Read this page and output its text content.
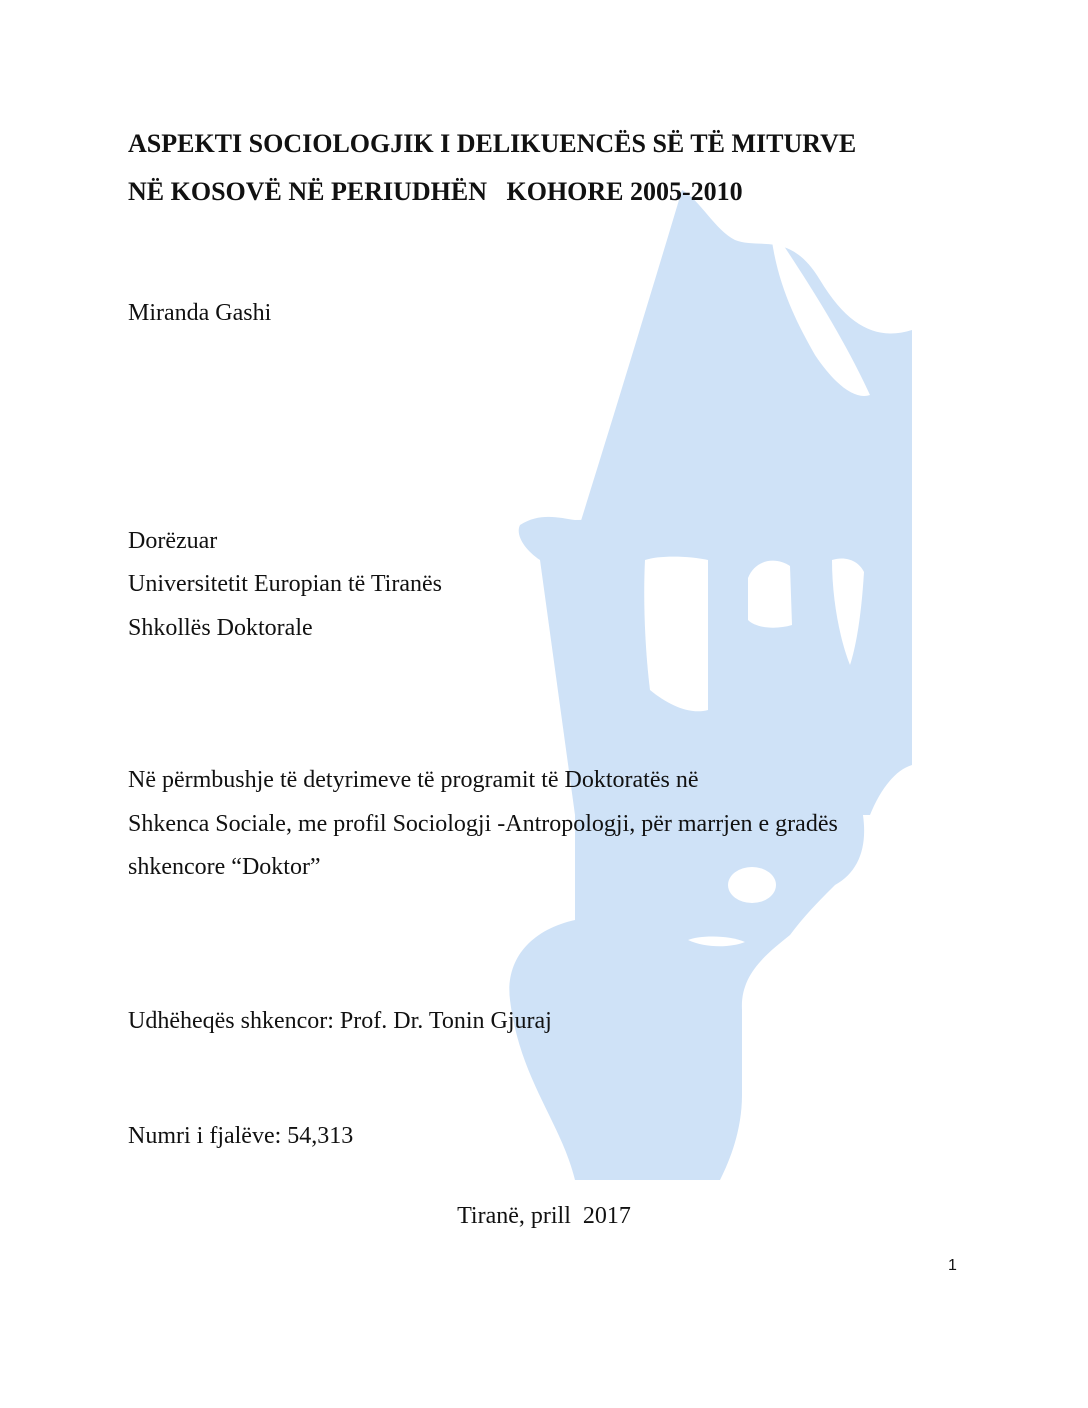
ASPEKTI SOCIOLOGJIK I DELIKUENCËS SË TË MITURVE
NË KOSOVË NË PERIUDHËN   KOHORE 2005-2010
Miranda Gashi
Dorëzuar
Universitetit Europian të Tiranës
Shkollës Doktorale
Në përmbushje të detyrimeve të programit të Doktoratës në
Shkenca Sociale, me profil Sociologji -Antropologji, për marrjen e gradës
shkencore “Doktor”
Udhëheqës shkencor: Prof. Dr. Tonin Gjuraj
Numri i fjalëve: 54,313
Tiranë, prill  2017
1
